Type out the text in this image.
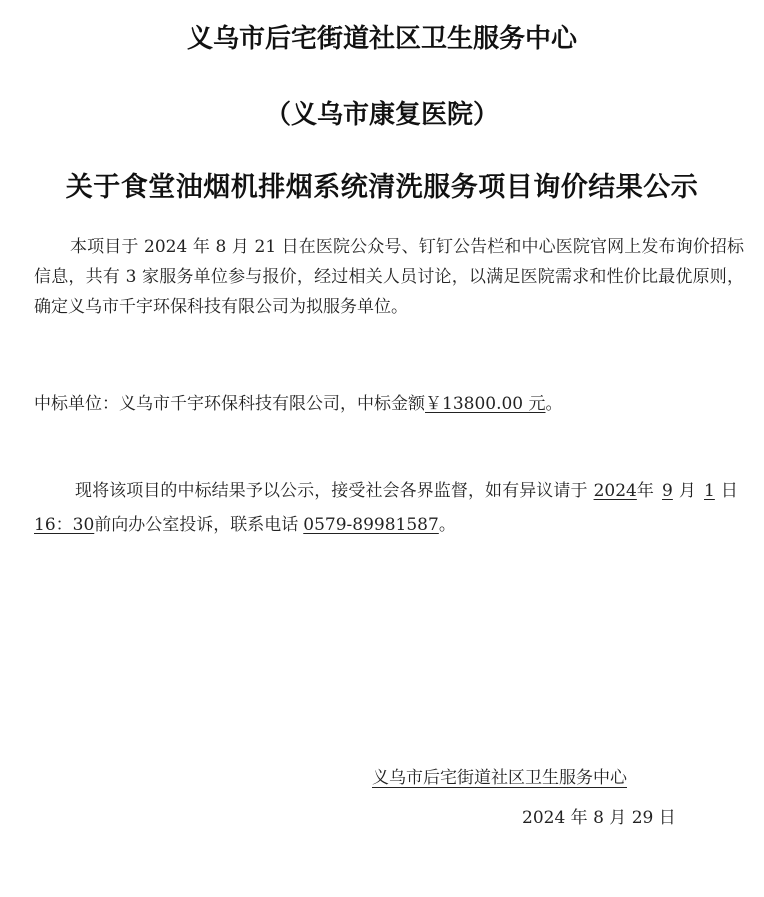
义乌市后宅街道社区卫生服务中心
（义乌市康复医院）
关于食堂油烟机排烟系统清洗服务项目询价结果公示
本项目于 2024 年 8 月 21 日在医院公众号、钉钉公告栏和中心医院官网上发布询价招标信息，共有 3 家服务单位参与报价，经过相关人员讨论，以满足医院需求和性价比最优原则，确定义乌市千宇环保科技有限公司为拟服务单位。
中标单位：义乌市千宇环保科技有限公司，中标金额￥13800.00 元。
现将该项目的中标结果予以公示，接受社会各界监督，如有异议请于 2024年 9 月 1 日16：30前向办公室投诉，联系电话 0579-89981587。
义乌市后宅街道社区卫生服务中心
2024 年 8 月 29 日
